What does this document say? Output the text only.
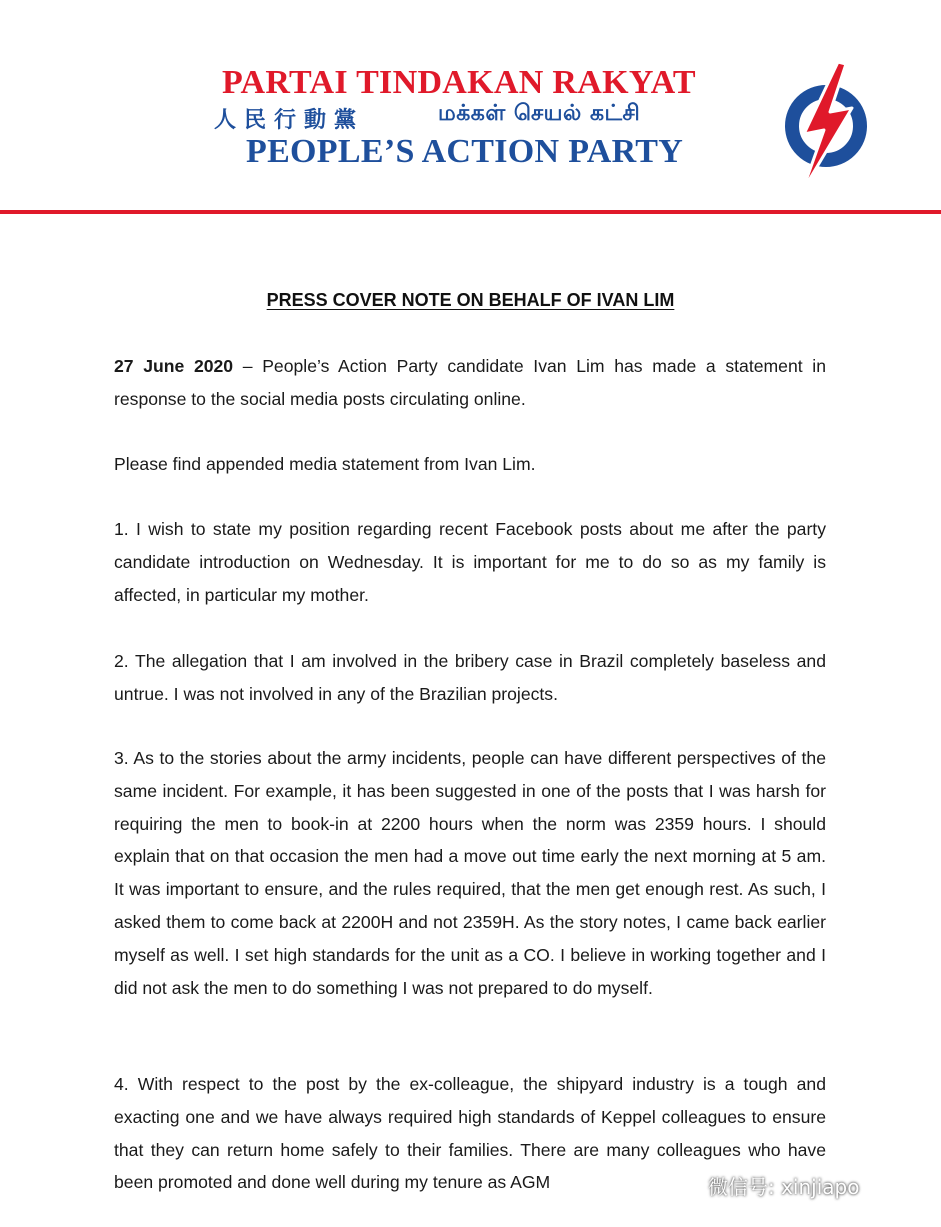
PARTAI TINDAKAN RAKYAT
人民行動黨	மக்கள் செயல் கட்சி
PEOPLE’S ACTION PARTY
PRESS COVER NOTE ON BEHALF OF IVAN LIM

27 June 2020 – People’s Action Party candidate Ivan Lim has made a statement in response to the social media posts circulating online.

Please find appended media statement from Ivan Lim.

1. I wish to state my position regarding recent Facebook posts about me after the party candidate introduction on Wednesday. It is important for me to do so as my family is affected, in particular my mother.

2. The allegation that I am involved in the bribery case in Brazil completely baseless and untrue. I was not involved in any of the Brazilian projects.

3. As to the stories about the army incidents, people can have different perspectives of the same incident. For example, it has been suggested in one of the posts that I was harsh for requiring the men to book-in at 2200 hours when the norm was 2359 hours. I should explain that on that occasion the men had a move out time early the next morning at 5 am. It was important to ensure, and the rules required, that the men get enough rest. As such, I asked them to come back at 2200H and not 2359H. As the story notes, I came back earlier myself as well. I set high standards for the unit as a CO. I believe in working together and I did not ask the men to do something I was not prepared to do myself.

4. With respect to the post by the ex-colleague, the shipyard industry is a tough and exacting one and we have always required high standards of Keppel colleagues to ensure that they can return home safely to their families. There are many colleagues who have been promoted and done well during my tenure as AGM	微信号: xinjiapo
